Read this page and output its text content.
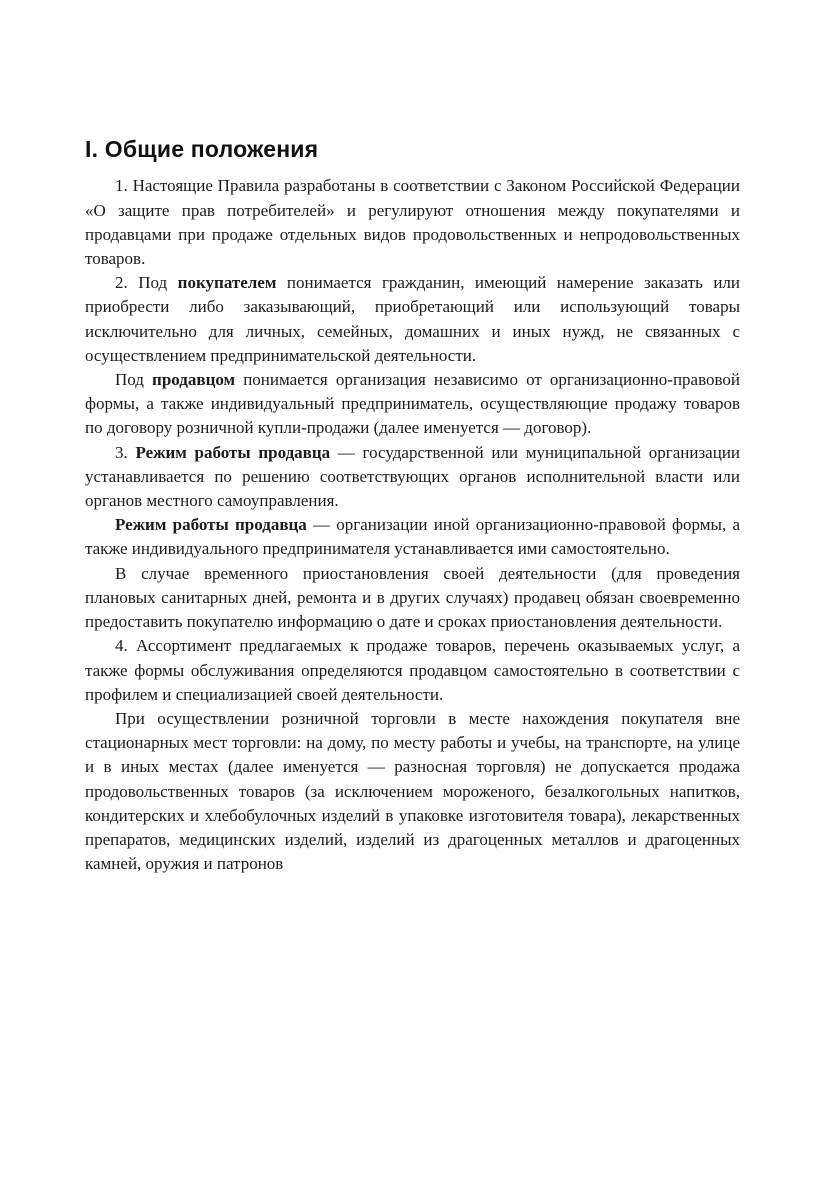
I. Общие положения

1. Настоящие Правила разработаны в соответствии с Законом Российской Федерации «О защите прав потребителей» и регулируют отношения между покупателями и продавцами при продаже отдельных видов продовольственных и непродовольственных товаров.

2. Под покупателем понимается гражданин, имеющий намерение заказать или приобрести либо заказывающий, приобретающий или использующий товары исключительно для личных, семейных, домашних и иных нужд, не связанных с осуществлением предпринимательской деятельности.

Под продавцом понимается организация независимо от организационно-правовой формы, а также индивидуальный предприниматель, осуществляющие продажу товаров по договору розничной купли-продажи (далее именуется — договор).

3. Режим работы продавца — государственной или муниципальной организации устанавливается по решению соответствующих органов исполнительной власти или органов местного самоуправления.

Режим работы продавца — организации иной организационно-правовой формы, а также индивидуального предпринимателя устанавливается ими самостоятельно.

В случае временного приостановления своей деятельности (для проведения плановых санитарных дней, ремонта и в других случаях) продавец обязан своевременно предоставить покупателю информацию о дате и сроках приостановления деятельности.

4. Ассортимент предлагаемых к продаже товаров, перечень оказываемых услуг, а также формы обслуживания определяются продавцом самостоятельно в соответствии с профилем и специализацией своей деятельности.

При осуществлении розничной торговли в месте нахождения покупателя вне стационарных мест торговли: на дому, по месту работы и учебы, на транспорте, на улице и в иных местах (далее именуется — разносная торговля) не допускается продажа продовольственных товаров (за исключением мороженого, безалкогольных напитков, кондитерских и хлебобулочных изделий в упаковке изготовителя товара), лекарственных препаратов, медицинских изделий, изделий из драгоценных металлов и драгоценных камней, оружия и патронов
